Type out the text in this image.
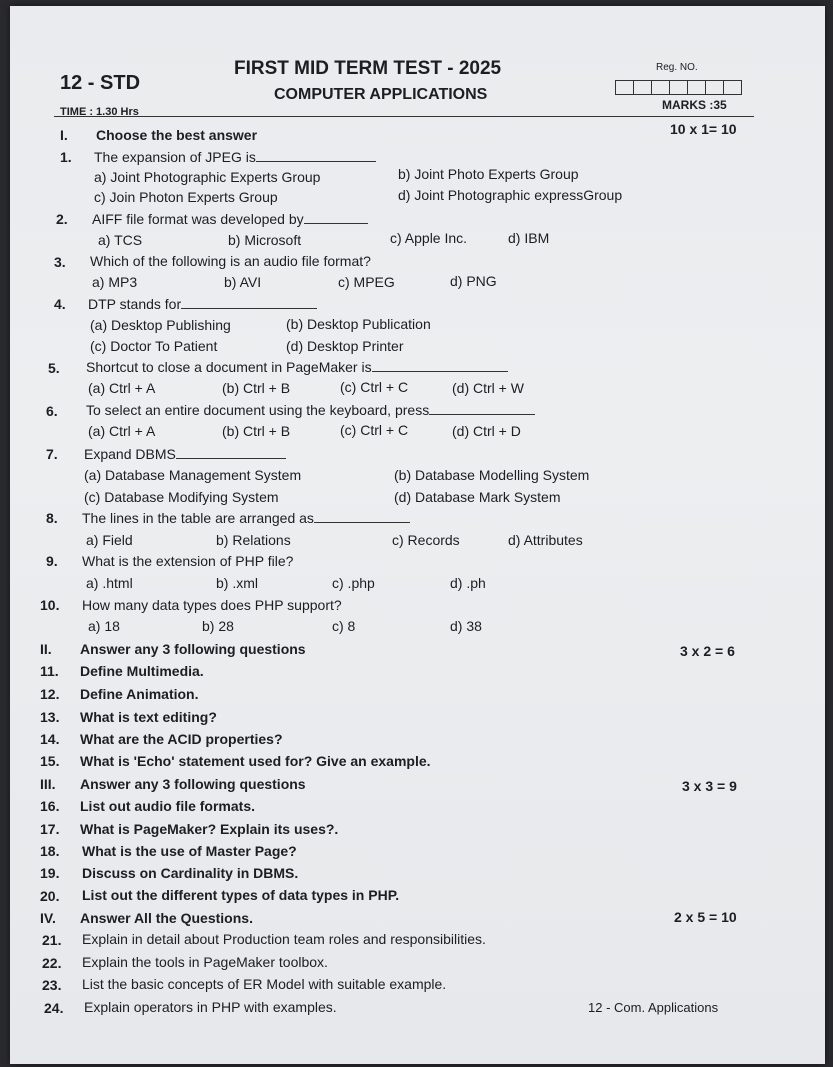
12 - STD
FIRST MID TERM TEST - 2025
COMPUTER APPLICATIONS
TIME : 1.30 Hrs
Reg. NO.
MARKS :35
I. Choose the best answer	10 x 1= 10
1. The expansion of JPEG is
a) Joint Photographic Experts Group	b) Joint Photo Experts Group
c) Join Photon Experts Group	d) Joint Photographic expressGroup
2. AIFF file format was developed by
a) TCS	b) Microsoft	c) Apple Inc.	d) IBM
3. Which of the following is an audio file format?
a) MP3	b) AVI	c) MPEG	d) PNG
4. DTP stands for
(a) Desktop Publishing	(b) Desktop Publication
(c) Doctor To Patient	(d) Desktop Printer
5. Shortcut to close a document in PageMaker is
(a) Ctrl + A	(b) Ctrl + B	(c) Ctrl + C	(d) Ctrl + W
6. To select an entire document using the keyboard, press
(a) Ctrl + A	(b) Ctrl + B	(c) Ctrl + C	(d) Ctrl + D
7. Expand DBMS
(a) Database Management System	(b) Database Modelling System
(c) Database Modifying System	(d) Database Mark System
8. The lines in the table are arranged as
a) Field	b) Relations	c) Records	d) Attributes
9. What is the extension of PHP file?
a) .html	b) .xml	c) .php	d) .ph
10. How many data types does PHP support?
a) 18	b) 28	c) 8	d) 38
II. Answer any 3 following questions	3 x 2 = 6
11. Define Multimedia.
12. Define Animation.
13. What is text editing?
14. What are the ACID properties?
15. What is 'Echo' statement used for? Give an example.
III. Answer any 3 following questions	3 x 3 = 9
16. List out audio file formats.
17. What is PageMaker? Explain its uses?.
18. What is the use of Master Page?
19. Discuss on Cardinality in DBMS.
20. List out the different types of data types in PHP.
IV. Answer All the Questions.	2 x 5 = 10
21. Explain in detail about Production team roles and responsibilities.
22. Explain the tools in PageMaker toolbox.
23. List the basic concepts of ER Model with suitable example.
24. Explain operators in PHP with examples.	12 - Com. Applications
